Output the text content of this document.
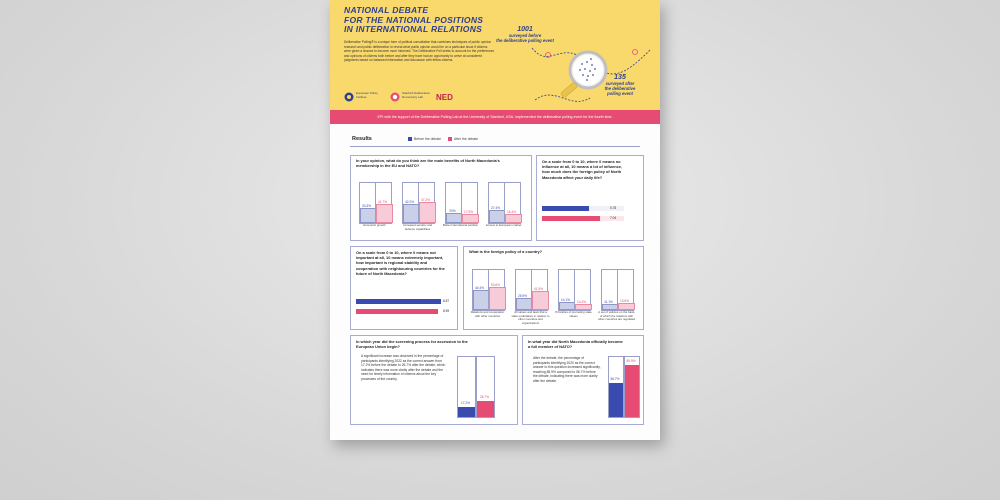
NATIONAL DEBATE
FOR THE NATIONAL POSITIONS
IN INTERNATIONAL RELATIONS
Deliberative Polling® is a unique form of political consultation that combines techniques of public opinion research and public deliberation to reveal what public opinion would be on a particular issue if citizens were given a chance to become more informed. The Deliberative Poll seeks to account for the preferences and opinions of citizens both before and after they have had an opportunity to arrive at considered judgments based on balanced information and discussion with fellow citizens.
European Policy Institute
Stanford Deliberative Democracy Lab	NED
1001
surveyed before
the deliberative polling event
135
surveyed after
the deliberative
polling event
EPI with the support of the Deliberative Polling Lab at the University of Stanford, USA, implemented the deliberative polling event for the fourth time.
Results	Before the debate	After the debate
In your opinion, what do you think are the main benefits of North Macedonia's membership in the EU and NATO?
33.3%
41.7%
Economic growth
42.2%	47.2%
Increased security and defence capabilities
20%	17.5%
Better international position
27.4%
16.4%
Access to European market
On a scale from 0 to 10, where 0 means no influence at all, 10 means a lot of influence, how much does the foreign policy of North Macedonia affect your daily life?
5.78
7.04
On a scale from 0 to 10, where 0 means not important at all, 10 means extremely important, how important is regional stability and cooperation with neighbouring countries for the future of North Macedonia?
8.87
8.59
What is the foreign policy of a country?
44.4%
53.6%
Relations and cooperation with other countries
25.9%
41.5%
All values and laws that a state undertakes in relation to other countries and organizations
14.1%	10.4%
Principles of promoting state values
11.1%	13.6%
A set of policies on the basis of which the relations with other countries are regulated
In which year did the screening process for accession to the European Union begin?
A significant increase was observed in the percentage of participants identifying 2022 as the correct answer from 17.2% before the debate to 26.7% after the debate, which indicates there was more clarity after the debate and the need for timely information of citizens about the key processes of the country.
17.2%
26.7%
In what year did North Macedonia officially become a full member of NATO?
After the debate, the percentage of participants identifying 2020 as the correct answer to this question increased significantly, reaching 85.9% compared to 56.7% before the debate, indicating there was more clarity after the debate.	56.7%
85.9%
